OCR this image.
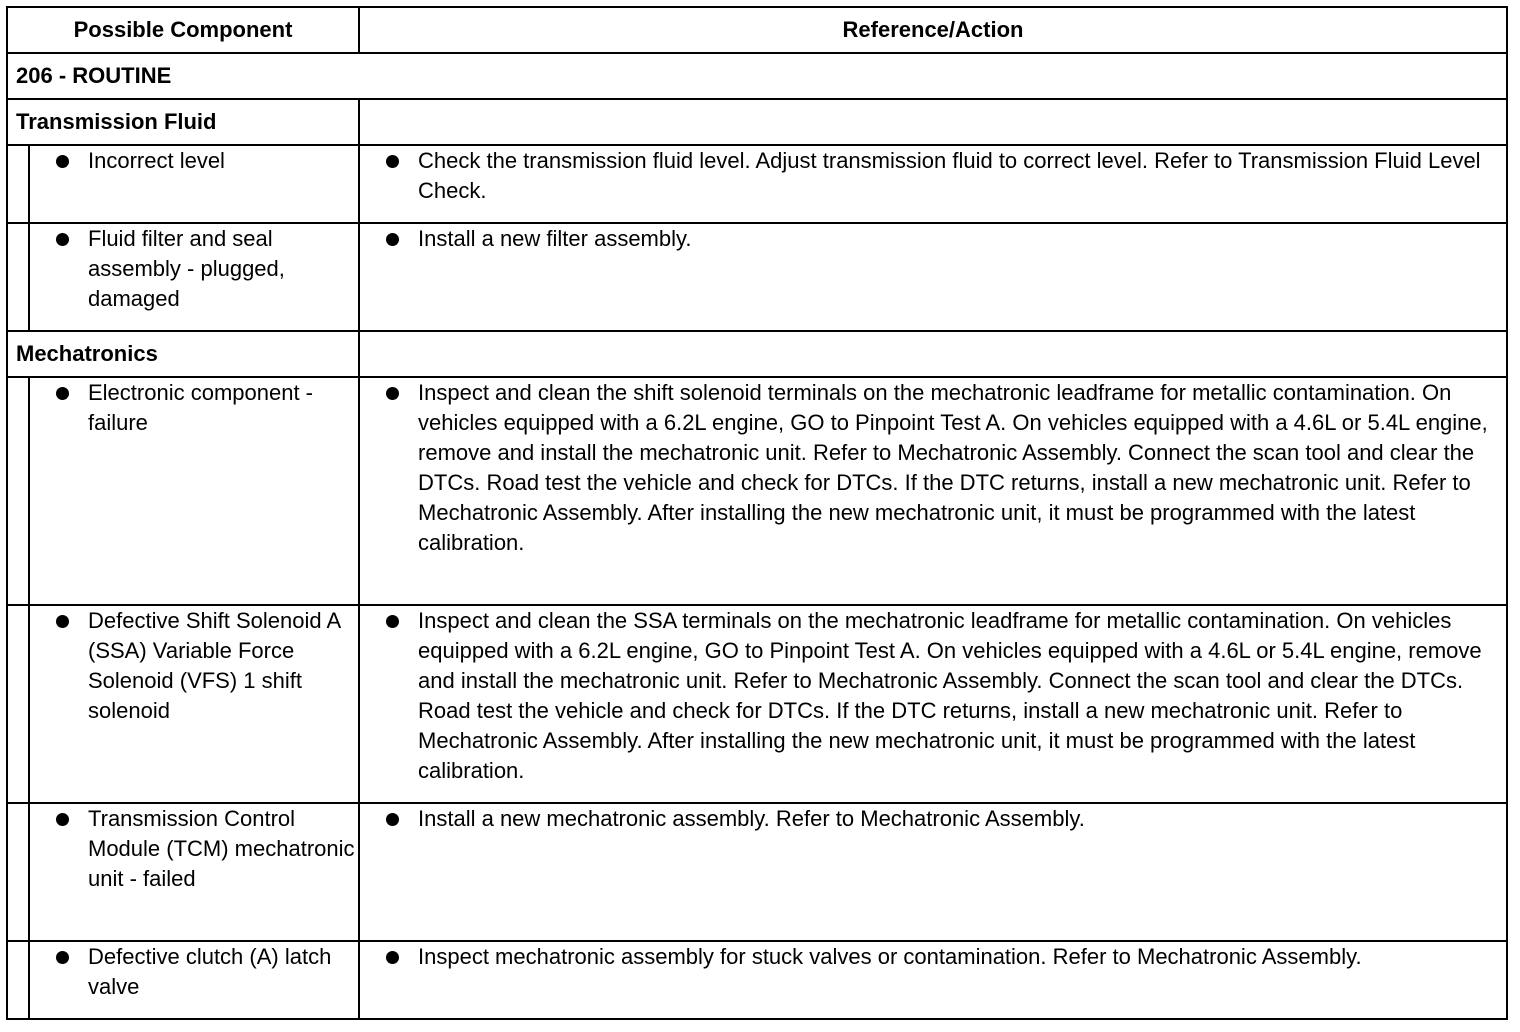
Possible Component		Reference/Action
206 - ROUTINE		
Transmission Fluid		

	Incorrect level	Check the transmission fluid level. Adjust transmission fluid to correct level. Refer to Transmission Fluid Level Check.

	Fluid filter and seal assembly - plugged, damaged	Install a new filter assembly.

Mechatronics		

	Electronic component - failure	Inspect and clean the shift solenoid terminals on the mechatronic leadframe for metallic contamination. On vehicles equipped with a 6.2L engine, GO to Pinpoint Test A. On vehicles equipped with a 4.6L or 5.4L engine, remove and install the mechatronic unit. Refer to Mechatronic Assembly. Connect the scan tool and clear the DTCs. Road test the vehicle and check for DTCs. If the DTC returns, install a new mechatronic unit. Refer to Mechatronic Assembly. After installing the new mechatronic unit, it must be programmed with the latest calibration.

	Defective Shift Solenoid A (SSA) Variable Force Solenoid (VFS) 1 shift solenoid	Inspect and clean the SSA terminals on the mechatronic leadframe for metallic contamination. On vehicles equipped with a 6.2L engine, GO to Pinpoint Test A. On vehicles equipped with a 4.6L or 5.4L engine, remove and install the mechatronic unit. Refer to Mechatronic Assembly. Connect the scan tool and clear the DTCs. Road test the vehicle and check for DTCs. If the DTC returns, install a new mechatronic unit. Refer to Mechatronic Assembly. After installing the new mechatronic unit, it must be programmed with the latest calibration.

	Transmission Control Module (TCM) mechatronic unit - failed	Install a new mechatronic assembly. Refer to Mechatronic Assembly.

	Defective clutch (A) latch valve	Inspect mechatronic assembly for stuck valves or contamination. Refer to Mechatronic Assembly.
